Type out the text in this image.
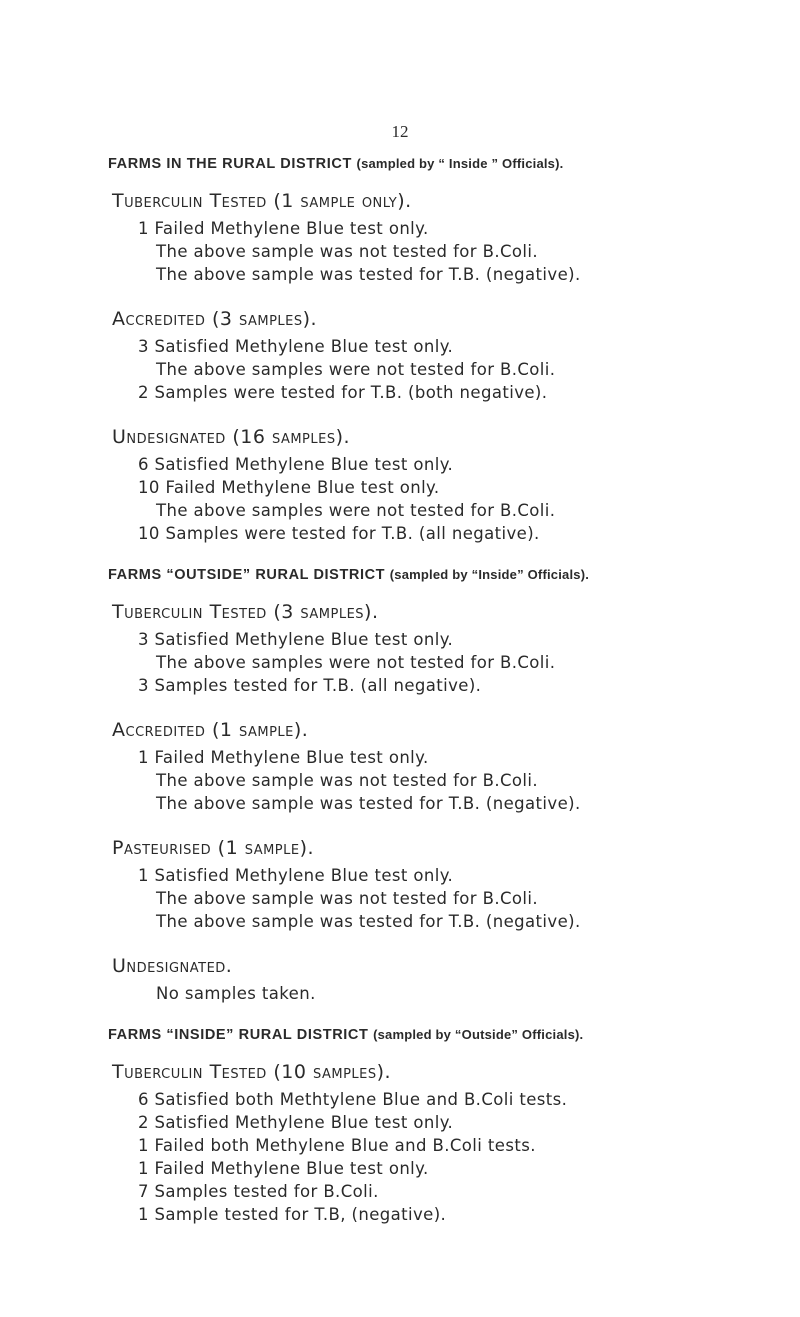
12

FARMS IN THE RURAL DISTRICT (sampled by “ Inside ” Officials).

Tuberculin Tested (1 sample only).

1 Failed Methylene Blue test only.

The above sample was not tested for B.Coli.

The above sample was tested for T.B. (negative).

Accredited (3 samples).

3 Satisfied Methylene Blue test only.

The above samples were not tested for B.Coli.

2 Samples were tested for T.B. (both negative).

Undesignated (16 samples).

6 Satisfied Methylene Blue test only.

10 Failed Methylene Blue test only.

The above samples were not tested for B.Coli.

10 Samples were tested for T.B. (all negative).

FARMS “OUTSIDE” RURAL DISTRICT (sampled by “Inside” Officials).

Tuberculin Tested (3 samples).

3 Satisfied Methylene Blue test only.

The above samples were not tested for B.Coli.

3 Samples tested for T.B. (all negative).

Accredited (1 sample).

1 Failed Methylene Blue test only.

The above sample was not tested for B.Coli.

The above sample was tested for T.B. (negative).

Pasteurised (1 sample).

1 Satisfied Methylene Blue test only.

The above sample was not tested for B.Coli.

The above sample was tested for T.B. (negative).

Undesignated.

No samples taken.

FARMS “INSIDE” RURAL DISTRICT (sampled by “Outside” Officials).

Tuberculin Tested (10 samples).

6 Satisfied both Methtylene Blue and B.Coli tests.

2 Satisfied Methylene Blue test only.

1 Failed both Methylene Blue and B.Coli tests.

1 Failed Methylene Blue test only.

7 Samples tested for B.Coli.

1 Sample tested for T.B, (negative).
